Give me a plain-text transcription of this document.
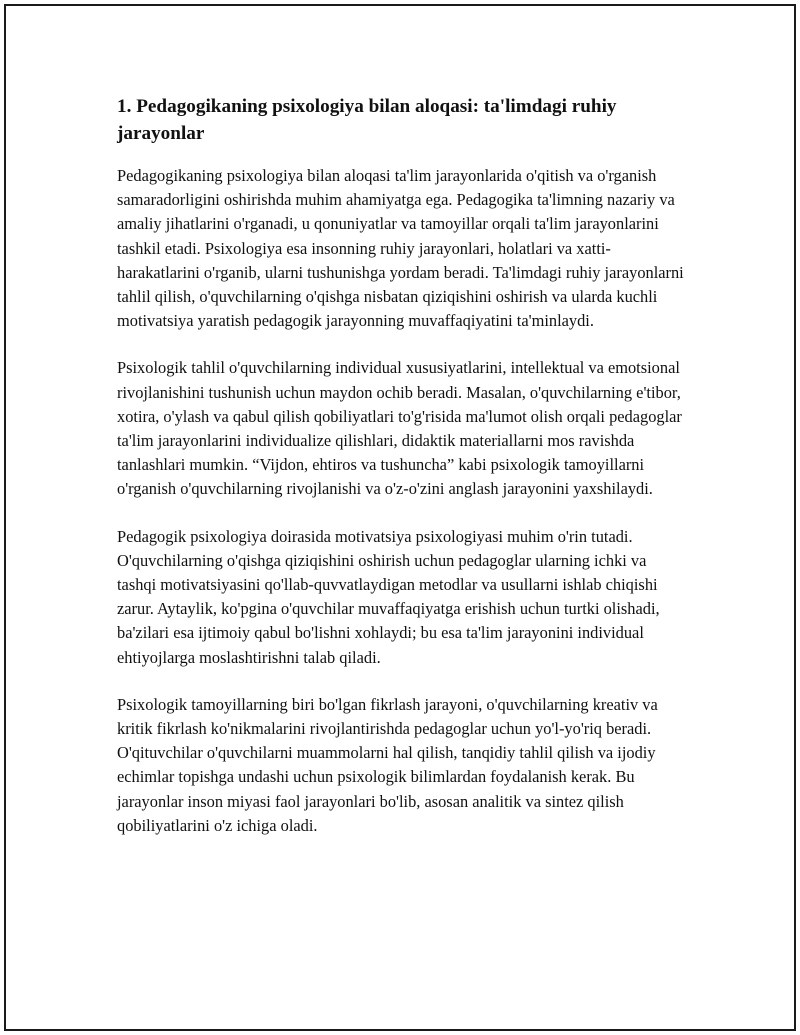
1. Pedagogikaning psixologiya bilan aloqasi: ta'limdagi ruhiy jarayonlar

Pedagogikaning psixologiya bilan aloqasi ta'lim jarayonlarida o'qitish va o'rganish samaradorligini oshirishda muhim ahamiyatga ega. Pedagogika ta'limning nazariy va amaliy jihatlarini o'rganadi, u qonuniyatlar va tamoyillar orqali ta'lim jarayonlarini tashkil etadi. Psixologiya esa insonning ruhiy jarayonlari, holatlari va xatti-harakatlarini o'rganib, ularni tushunishga yordam beradi. Ta'limdagi ruhiy jarayonlarni tahlil qilish, o'quvchilarning o'qishga nisbatan qiziqishini oshirish va ularda kuchli motivatsiya yaratish pedagogik jarayonning muvaffaqiyatini ta'minlaydi.

Psixologik tahlil o'quvchilarning individual xususiyatlarini, intellektual va emotsional rivojlanishini tushunish uchun maydon ochib beradi. Masalan, o'quvchilarning e'tibor, xotira, o'ylash va qabul qilish qobiliyatlari to'g'risida ma'lumot olish orqali pedagoglar ta'lim jarayonlarini individualize qilishlari, didaktik materiallarni mos ravishda tanlashlari mumkin. “Vijdon, ehtiros va tushuncha” kabi psixologik tamoyillarni o'rganish o'quvchilarning rivojlanishi va o'z-o'zini anglash jarayonini yaxshilaydi.

Pedagogik psixologiya doirasida motivatsiya psixologiyasi muhim o'rin tutadi. O'quvchilarning o'qishga qiziqishini oshirish uchun pedagoglar ularning ichki va tashqi motivatsiyasini qo'llab-quvvatlaydigan metodlar va usullarni ishlab chiqishi zarur. Aytaylik, ko'pgina o'quvchilar muvaffaqiyatga erishish uchun turtki olishadi, ba'zilari esa ijtimoiy qabul bo'lishni xohlaydi; bu esa ta'lim jarayonini individual ehtiyojlarga moslashtirishni talab qiladi.

Psixologik tamoyillarning biri bo'lgan fikrlash jarayoni, o'quvchilarning kreativ va kritik fikrlash ko'nikmalarini rivojlantirishda pedagoglar uchun yo'l-yo'riq beradi. O'qituvchilar o'quvchilarni muammolarni hal qilish, tanqidiy tahlil qilish va ijodiy echimlar topishga undashi uchun psixologik bilimlardan foydalanish kerak. Bu jarayonlar inson miyasi faol jarayonlari bo'lib, asosan analitik va sintez qilish qobiliyatlarini o'z ichiga oladi.
